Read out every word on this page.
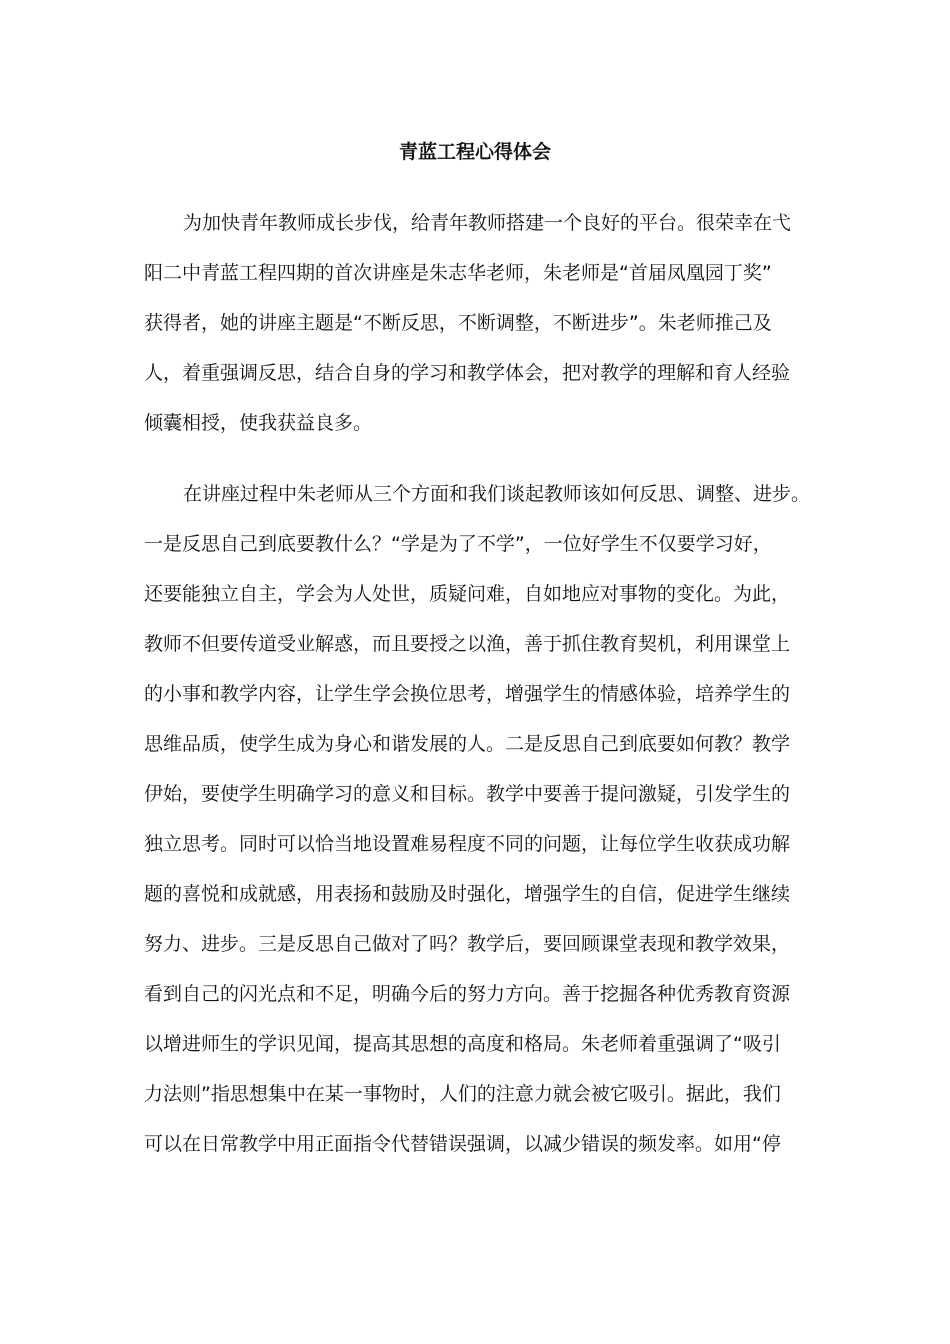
青蓝工程心得体会
为加快青年教师成长步伐，给青年教师搭建一个良好的平台。很荣幸在弋
阳二中青蓝工程四期的首次讲座是朱志华老师，朱老师是“首届凤凰园丁奖”
获得者，她的讲座主题是“不断反思，不断调整，不断进步”。朱老师推己及
人，着重强调反思，结合自身的学习和教学体会，把对教学的理解和育人经验
倾囊相授，使我获益良多。
在讲座过程中朱老师从三个方面和我们谈起教师该如何反思、调整、进步。
一是反思自己到底要教什么？“学是为了不学”，一位好学生不仅要学习好，
还要能独立自主，学会为人处世，质疑问难，自如地应对事物的变化。为此，
教师不但要传道受业解惑，而且要授之以渔，善于抓住教育契机，利用课堂上
的小事和教学内容，让学生学会换位思考，增强学生的情感体验，培养学生的
思维品质，使学生成为身心和谐发展的人。二是反思自己到底要如何教？教学
伊始，要使学生明确学习的意义和目标。教学中要善于提问激疑，引发学生的
独立思考。同时可以恰当地设置难易程度不同的问题，让每位学生收获成功解
题的喜悦和成就感，用表扬和鼓励及时强化，增强学生的自信，促进学生继续
努力、进步。三是反思自己做对了吗？教学后，要回顾课堂表现和教学效果，
看到自己的闪光点和不足，明确今后的努力方向。善于挖掘各种优秀教育资源
以增进师生的学识见闻，提高其思想的高度和格局。朱老师着重强调了“吸引
力法则”指思想集中在某一事物时，人们的注意力就会被它吸引。据此，我们
可以在日常教学中用正面指令代替错误强调，以减少错误的频发率。如用“停
